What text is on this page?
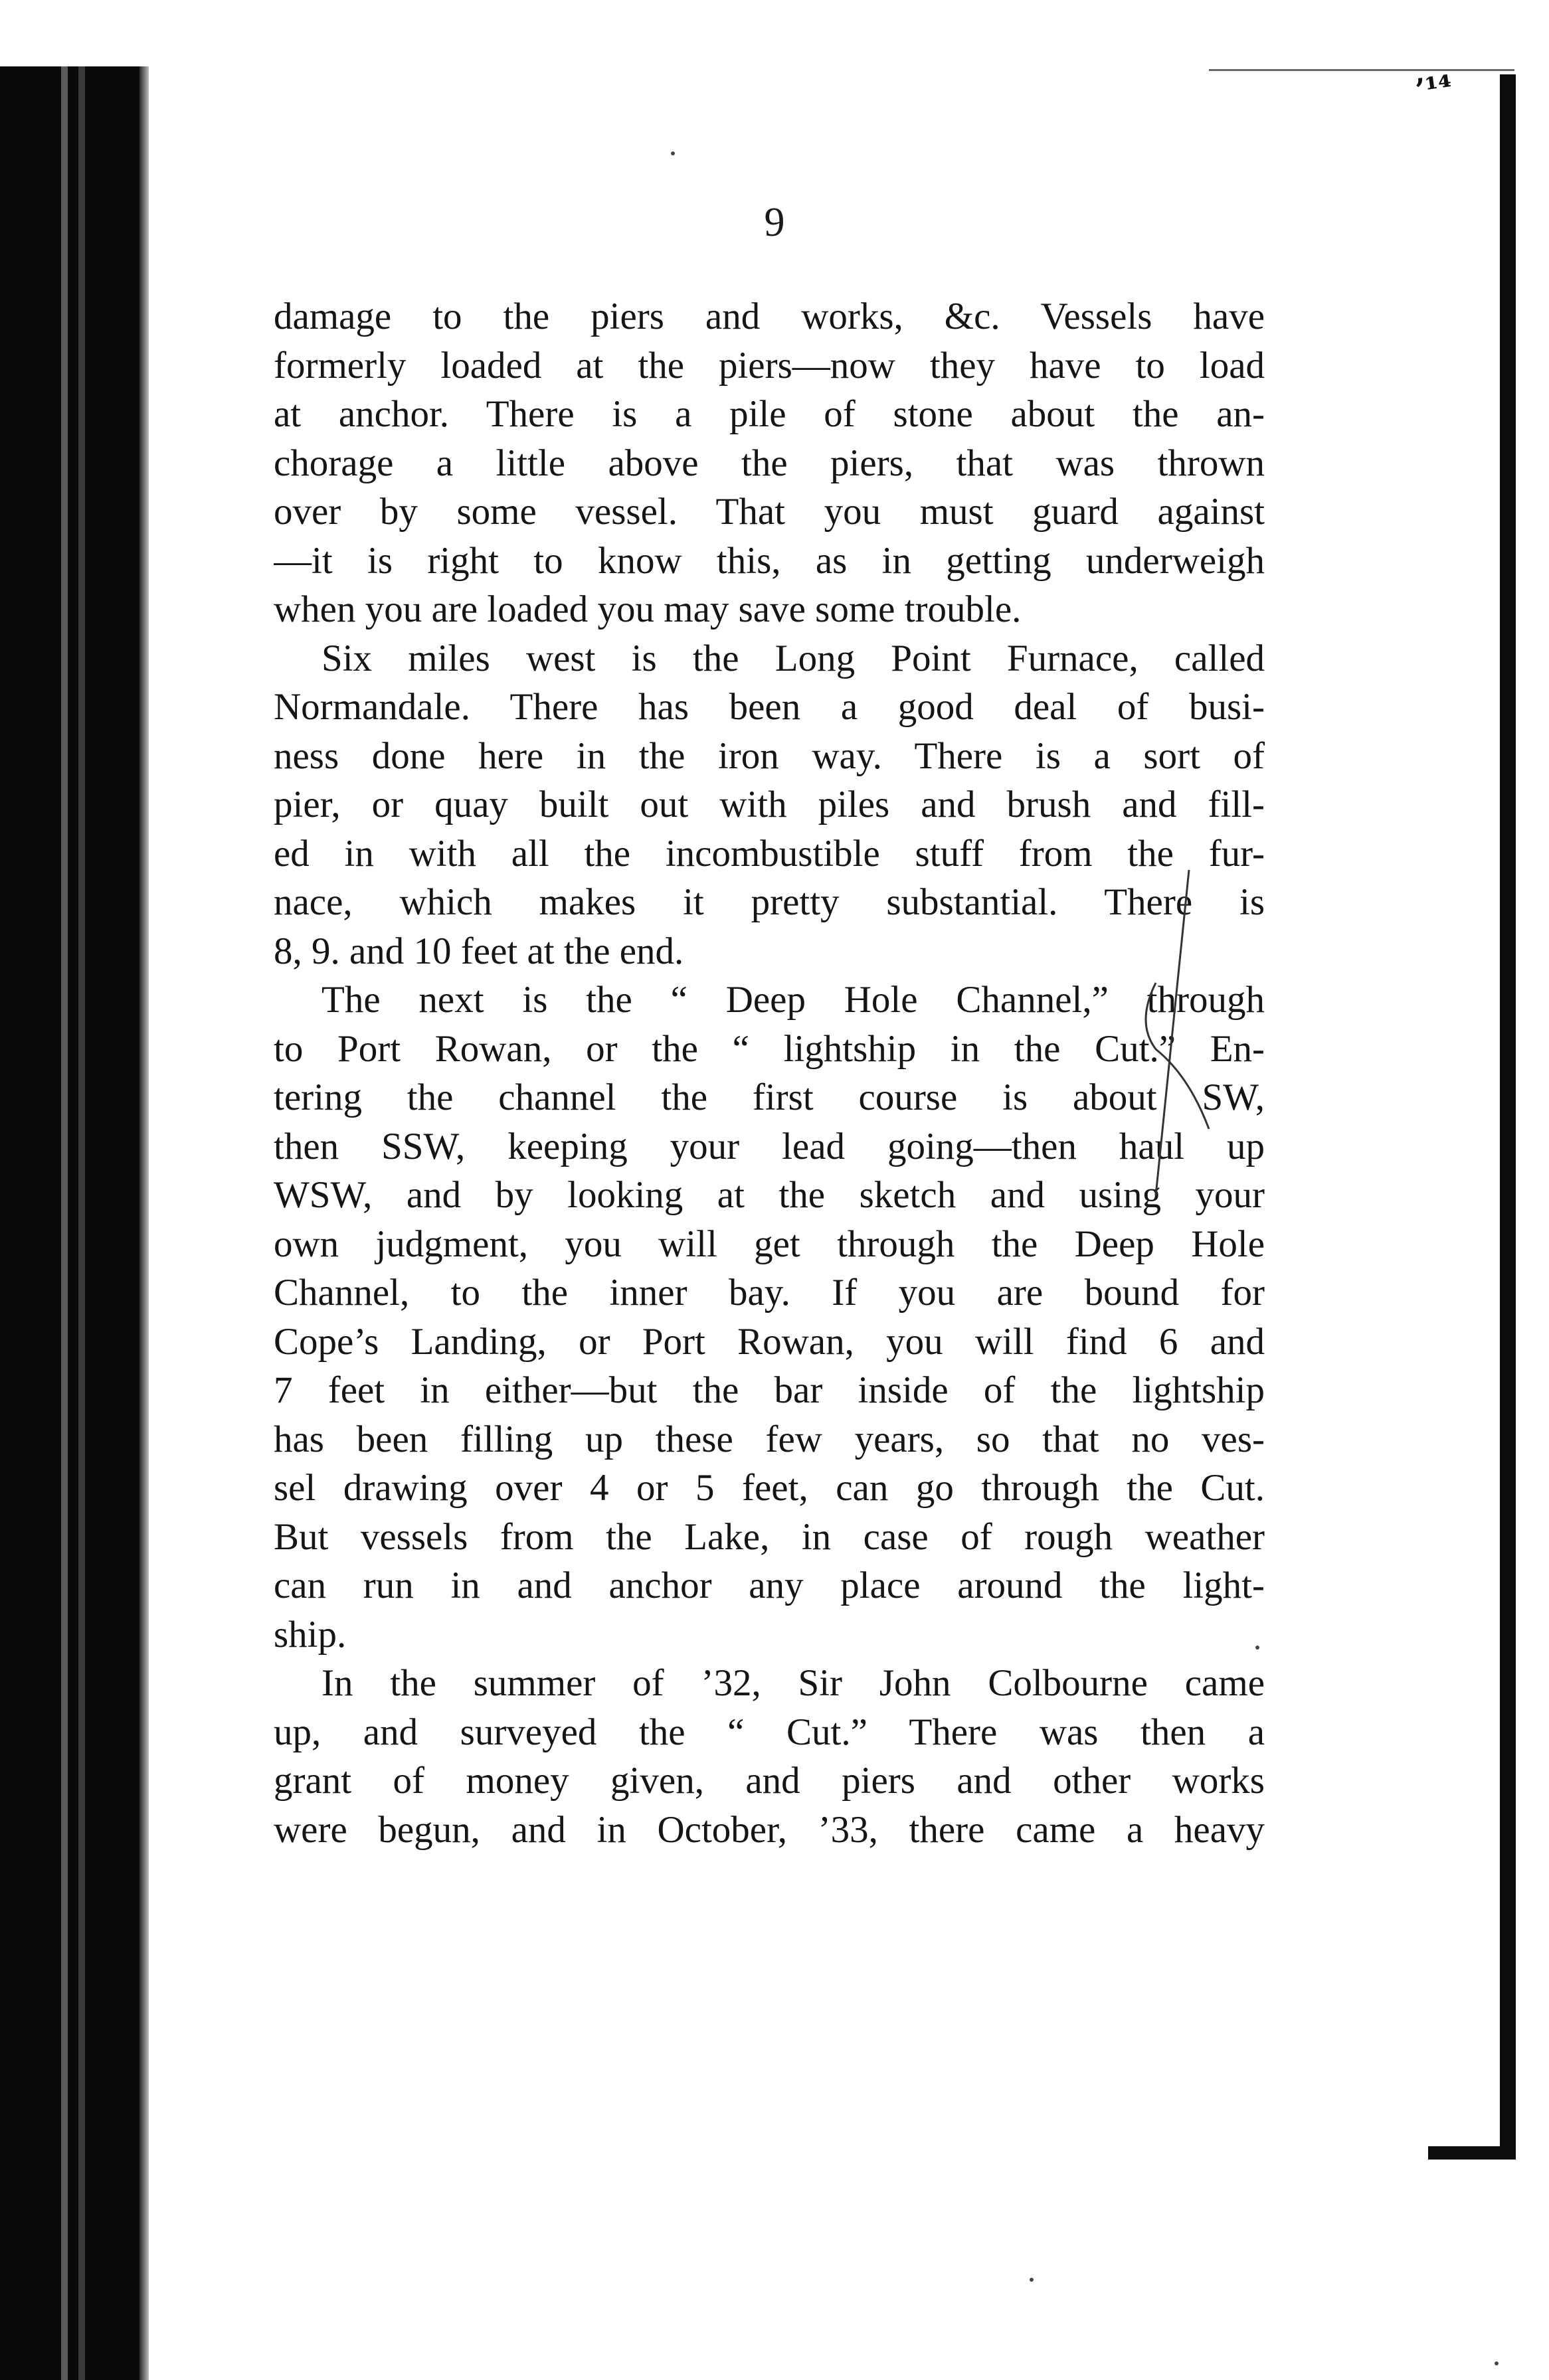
ʼ¹⁴
9
damage to the piers and works, &c. Vessels have
formerly loaded at the piers—now they have to load
at anchor. There is a pile of stone about the an-
chorage a little above the piers, that was thrown
over by some vessel. That you must guard against
—it is right to know this, as in getting underweigh
when you are loaded you may save some trouble.
Six miles west is the Long Point Furnace, called
Normandale. There has been a good deal of busi-
ness done here in the iron way. There is a sort of
pier, or quay built out with piles and brush and fill-
ed in with all the incombustible stuff from the fur-
nace, which makes it pretty substantial. There is
8, 9. and 10 feet at the end.
The next is the “ Deep Hole Channel,” through
to Port Rowan, or the “ lightship in the Cut.” En-
tering the channel the first course is about SW,
then SSW, keeping your lead going—then haul up
WSW, and by looking at the sketch and using your
own judgment, you will get through the Deep Hole
Channel, to the inner bay. If you are bound for
Cope’s Landing, or Port Rowan, you will find 6 and
7 feet in either—but the bar inside of the lightship
has been filling up these few years, so that no ves-
sel drawing over 4 or 5 feet, can go through the Cut.
But vessels from the Lake, in case of rough weather
can run in and anchor any place around the light-
ship.
In the summer of ’32, Sir John Colbourne came
up, and surveyed the “ Cut.” There was then a
grant of money given, and piers and other works
were begun, and in October, ’33, there came a heavy
